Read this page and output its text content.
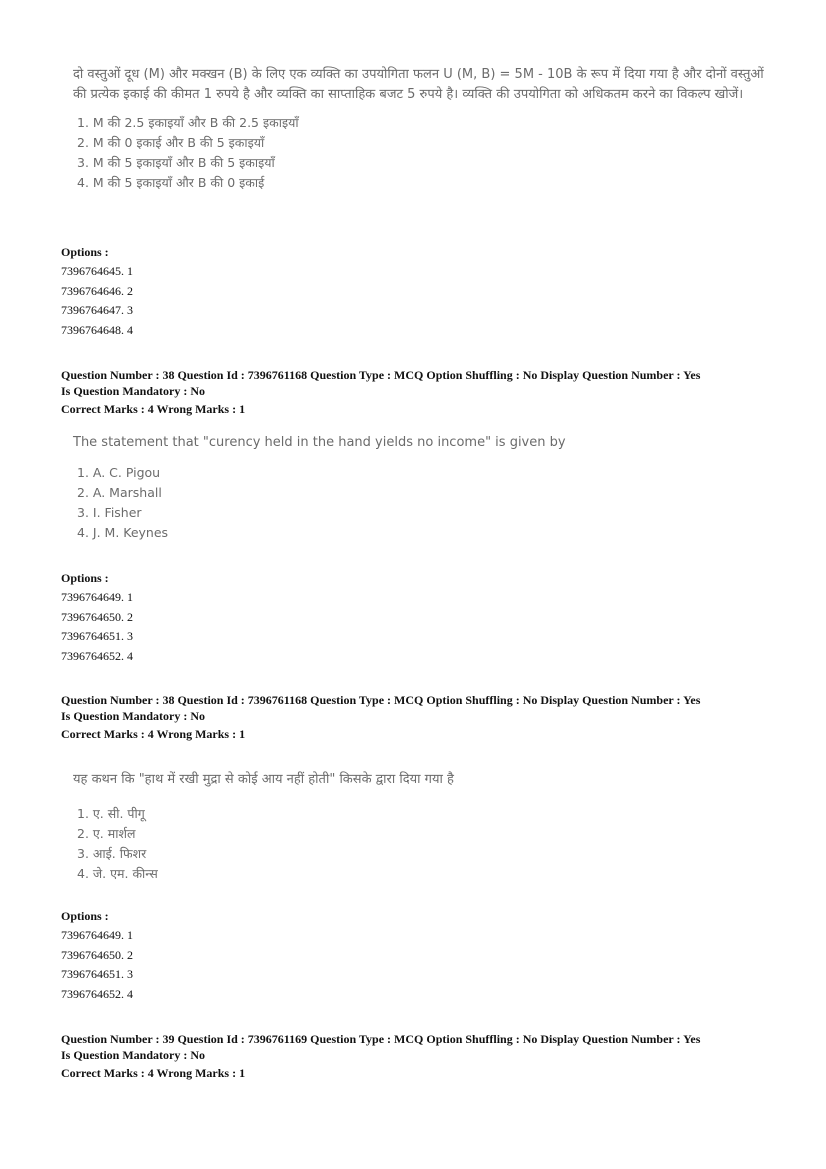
दो वस्तुओं दूध (M) और मक्खन (B) के लिए एक व्यक्ति का उपयोगिता फलन U (M, B) = 5M - 10B के रूप में दिया गया है और दोनों वस्तुओं की प्रत्येक इकाई की कीमत 1 रुपये है और व्यक्ति का साप्ताहिक बजट 5 रुपये है। व्यक्ति की उपयोगिता को अधिकतम करने का विकल्प खोजें।
1. M की 2.5 इकाइयाँ और B की 2.5 इकाइयाँ
2. M की 0 इकाई और B की 5 इकाइयाँ
3. M की 5 इकाइयाँ और B की 5 इकाइयाँ
4. M की 5 इकाइयाँ और B की 0 इकाई
Options :
7396764645. 1
7396764646. 2
7396764647. 3
7396764648. 4
Question Number : 38 Question Id : 7396761168 Question Type : MCQ Option Shuffling : No Display Question Number : Yes
Is Question Mandatory : No
Correct Marks : 4 Wrong Marks : 1
The statement that "curency held in the hand yields no income" is given by
1. A. C. Pigou
2. A. Marshall
3. I. Fisher
4. J. M. Keynes
Options :
7396764649. 1
7396764650. 2
7396764651. 3
7396764652. 4
Question Number : 38 Question Id : 7396761168 Question Type : MCQ Option Shuffling : No Display Question Number : Yes
Is Question Mandatory : No
Correct Marks : 4 Wrong Marks : 1
यह कथन कि "हाथ में रखी मुद्रा से कोई आय नहीं होती" किसके द्वारा दिया गया है
1. ए. सी. पीगू
2. ए. मार्शल
3. आई. फिशर
4. जे. एम. कीन्स
Options :
7396764649. 1
7396764650. 2
7396764651. 3
7396764652. 4
Question Number : 39 Question Id : 7396761169 Question Type : MCQ Option Shuffling : No Display Question Number : Yes
Is Question Mandatory : No
Correct Marks : 4 Wrong Marks : 1
